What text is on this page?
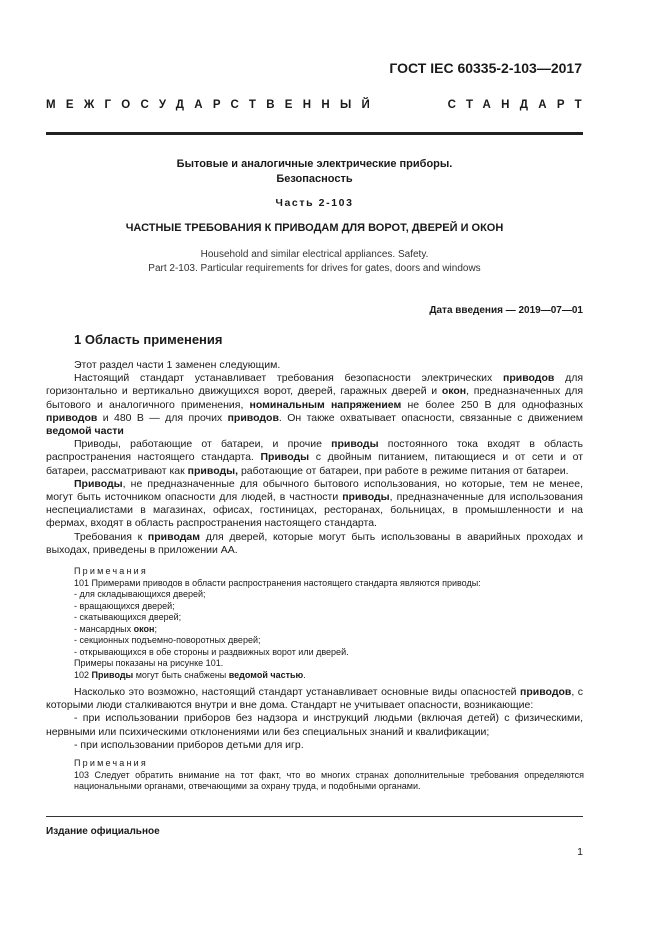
ГОСТ IEC 60335-2-103—2017
МЕЖГОСУДАРСТВЕННЫЙ	СТАНДАРТ
Бытовые и аналогичные электрические приборы.
Безопасность
Часть 2-103
ЧАСТНЫЕ ТРЕБОВАНИЯ К ПРИВОДАМ ДЛЯ ВОРОТ, ДВЕРЕЙ И ОКОН
Household and similar electrical appliances. Safety.
Part 2-103. Particular requirements for drives for gates, doors and windows
Дата введения — 2019—07—01
1 Область применения

Этот раздел части 1 заменен следующим.

Настоящий стандарт устанавливает требования безопасности электрических приводов для горизонтально и вертикально движущихся ворот, дверей, гаражных дверей и окон, предназначенных для бытового и аналогичного применения, номинальным напряжением не более 250 В для однофазных приводов и 480 В — для прочих приводов. Он также охватывает опасности, связанные с движением ведомой части

Приводы, работающие от батареи, и прочие приводы постоянного тока входят в область распространения настоящего стандарта. Приводы с двойным питанием, питающиеся и от сети и от батареи, рассматривают как приводы, работающие от батареи, при работе в режиме питания от батареи.

Приводы, не предназначенные для обычного бытового использования, но которые, тем не менее, могут быть источником опасности для людей, в частности приводы, предназначенные для использования неспециалистами в магазинах, офисах, гостиницах, ресторанах, больницах, в промышленности и на фермах, входят в область распространения настоящего стандарта.

Требования к приводам для дверей, которые могут быть использованы в аварийных проходах и выходах, приведены в приложении АА.

Примечания
101 Примерами приводов в области распространения настоящего стандарта являются приводы:
- для складывающихся дверей;
- вращающихся дверей;
- скатывающихся дверей;
- мансардных окон;
- секционных подъемно-поворотных дверей;
- открывающихся в обе стороны и раздвижных ворот или дверей.
Примеры показаны на рисунке 101.
102 Приводы могут быть снабжены ведомой частью.

Насколько это возможно, настоящий стандарт устанавливает основные виды опасностей приводов, с которыми люди сталкиваются внутри и вне дома. Стандарт не учитывает опасности, возникающие:

- при использовании приборов без надзора и инструкций людьми (включая детей) с физическими, нервными или психическими отклонениями или без специальных знаний и квалификации;

- при использовании приборов детьми для игр.

Примечания
103 Следует обратить внимание на тот факт, что во многих странах дополнительные требования определяются национальными органами, отвечающими за охрану труда, и подобными органами.
Издание официальное
1
